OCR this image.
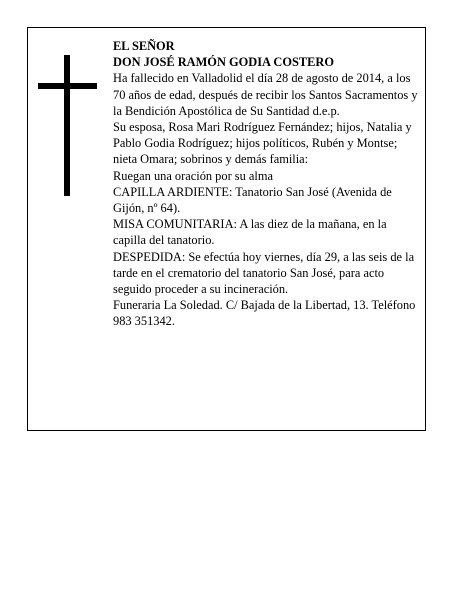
EL SEÑOR

DON JOSÉ RAMÓN GODIA COSTERO

Ha fallecido en Valladolid el día 28 de agosto de 2014, a los 70 años de edad, después de recibir los Santos Sacramentos y la Bendición Apostólica de Su Santidad d.e.p.

Su esposa, Rosa Mari Rodríguez Fernández; hijos, Natalia y Pablo Godia Rodríguez; hijos políticos, Rubén y Montse; nieta Omara; sobrinos y demás familia:

Ruegan una oración por su alma

CAPILLA ARDIENTE: Tanatorio San José (Avenida de Gijón, nº 64).

MISA COMUNITARIA: A las diez de la mañana, en la capilla del tanatorio.

DESPEDIDA: Se efectúa hoy viernes, día 29, a las seis de la tarde en el crematorio del tanatorio San José, para acto seguido proceder a su incineración.

Funeraria La Soledad. C/ Bajada de la Libertad, 13. Teléfono 983 351342.
